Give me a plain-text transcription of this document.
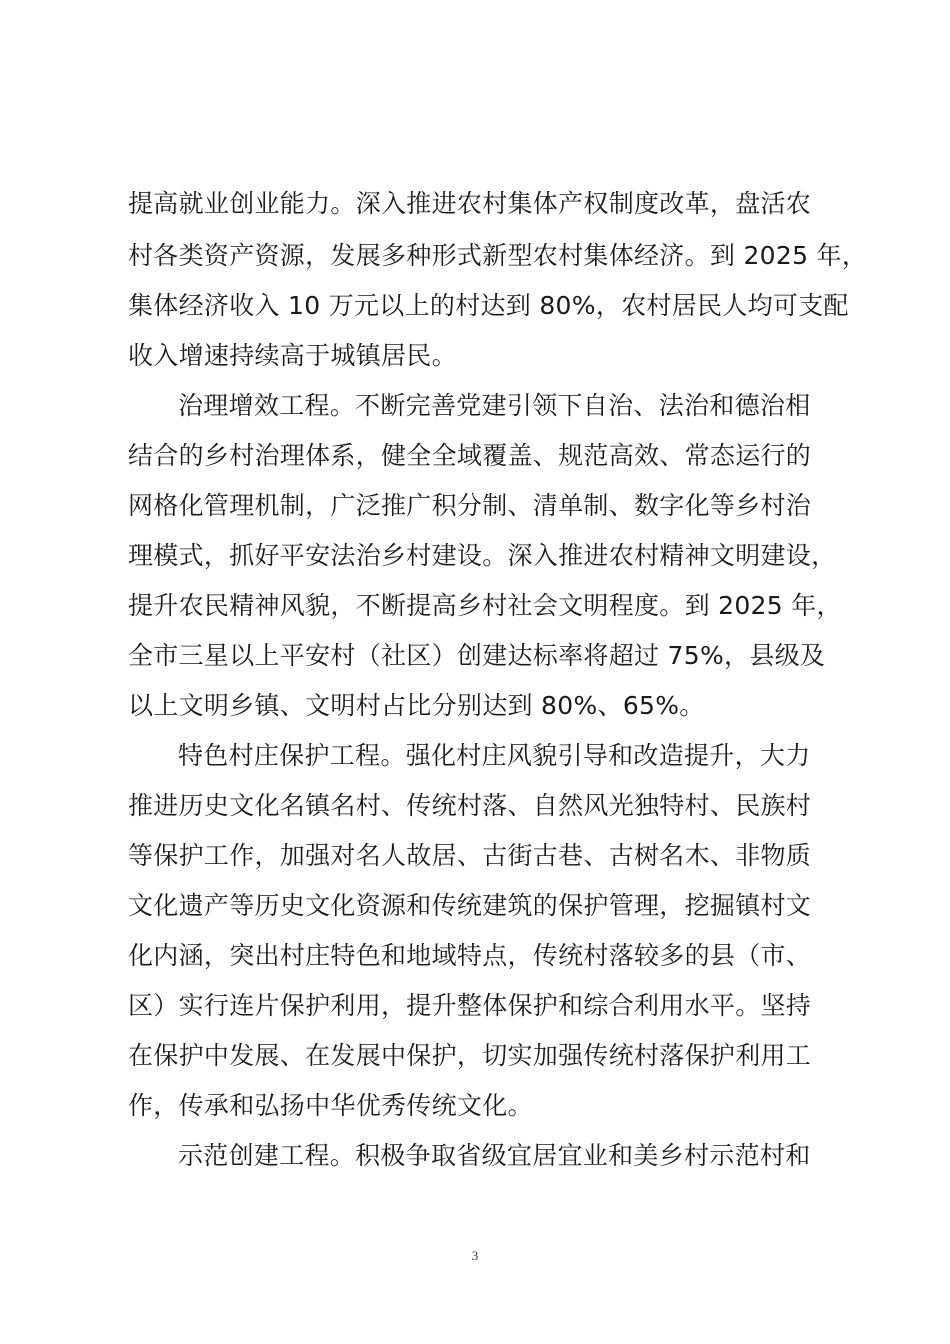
提高就业创业能力。深入推进农村集体产权制度改革，盘活农
村各类资产资源，发展多种形式新型农村集体经济。到 2025 年，
集体经济收入 10 万元以上的村达到 80%，农村居民人均可支配
收入增速持续高于城镇居民。
治理增效工程。不断完善党建引领下自治、法治和德治相
结合的乡村治理体系，健全全域覆盖、规范高效、常态运行的
网格化管理机制，广泛推广积分制、清单制、数字化等乡村治
理模式，抓好平安法治乡村建设。深入推进农村精神文明建设，
提升农民精神风貌，不断提高乡村社会文明程度。到 2025 年，
全市三星以上平安村（社区）创建达标率将超过 75%，县级及
以上文明乡镇、文明村占比分别达到 80%、65%。
特色村庄保护工程。强化村庄风貌引导和改造提升，大力
推进历史文化名镇名村、传统村落、自然风光独特村、民族村
等保护工作，加强对名人故居、古街古巷、古树名木、非物质
文化遗产等历史文化资源和传统建筑的保护管理，挖掘镇村文
化内涵，突出村庄特色和地域特点，传统村落较多的县（市、
区）实行连片保护利用，提升整体保护和综合利用水平。坚持
在保护中发展、在发展中保护，切实加强传统村落保护利用工
作，传承和弘扬中华优秀传统文化。
示范创建工程。积极争取省级宜居宜业和美乡村示范村和
3
